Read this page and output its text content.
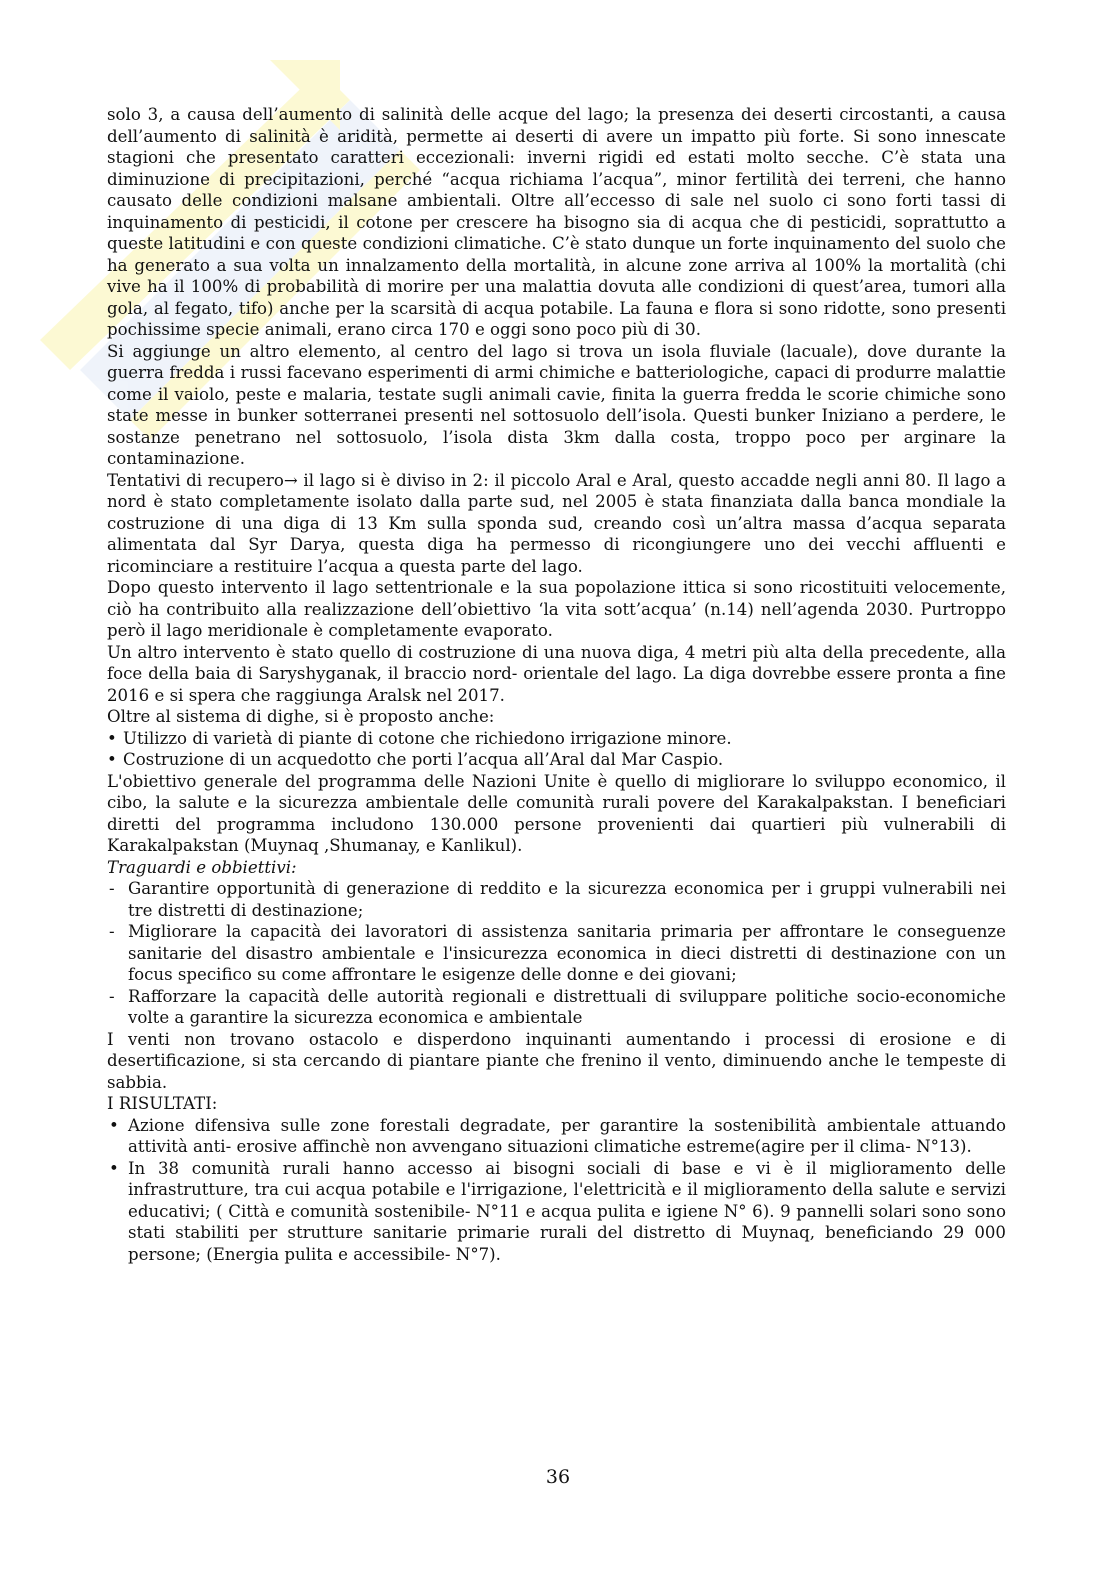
solo 3, a causa dell’aumento di salinità delle acque del lago; la presenza dei deserti circostanti, a causa dell’aumento di salinità è aridità, permette ai deserti di avere un impatto più forte. Si sono innescate stagioni che presentato caratteri eccezionali: inverni rigidi ed estati molto secche. C’è stata una diminuzione di precipitazioni, perché “acqua richiama l’acqua”, minor fertilità dei terreni, che hanno causato delle condizioni malsane ambientali. Oltre all’eccesso di sale nel suolo ci sono forti tassi di inquinamento di pesticidi, il cotone per crescere ha bisogno sia di acqua che di pesticidi, soprattutto a queste latitudini e con queste condizioni climatiche. C’è stato dunque un forte inquinamento del suolo che ha generato a sua volta un innalzamento della mortalità, in alcune zone arriva al 100% la mortalità (chi vive ha il 100% di probabilità di morire per una malattia dovuta alle condizioni di quest’area, tumori alla gola, al fegato, tifo) anche per la scarsità di acqua potabile. La fauna e flora si sono ridotte, sono presenti pochissime specie animali, erano circa 170 e oggi sono poco più di 30.

Si aggiunge un altro elemento, al centro del lago si trova un isola fluviale (lacuale), dove durante la guerra fredda i russi facevano esperimenti di armi chimiche e batteriologiche, capaci di produrre malattie come il vaiolo, peste e malaria, testate sugli animali cavie, finita la guerra fredda le scorie chimiche sono state messe in bunker sotterranei presenti nel sottosuolo dell’isola. Questi bunker Iniziano a perdere, le sostanze penetrano nel sottosuolo, l’isola dista 3km dalla costa, troppo poco per arginare la contaminazione.

Tentativi di recupero→ il lago si è diviso in 2: il piccolo Aral e Aral, questo accadde negli anni 80. Il lago a nord è stato completamente isolato dalla parte sud, nel 2005 è stata finanziata dalla banca mondiale la costruzione di una diga di 13 Km sulla sponda sud, creando così un’altra massa d’acqua separata alimentata dal Syr Darya, questa diga ha permesso di ricongiungere uno dei vecchi affluenti e ricominciare a restituire l’acqua a questa parte del lago.

Dopo questo intervento il lago settentrionale e la sua popolazione ittica si sono ricostituiti velocemente, ciò ha contribuito alla realizzazione dell’obiettivo ‘la vita sott’acqua’ (n.14) nell’agenda 2030. Purtroppo però il lago meridionale è completamente evaporato.

Un altro intervento è stato quello di costruzione di una nuova diga, 4 metri più alta della precedente, alla foce della baia di Saryshyganak, il braccio nord- orientale del lago. La diga dovrebbe essere pronta a fine 2016 e si spera che raggiunga Aralsk nel 2017.

Oltre al sistema di dighe, si è proposto anche:

• Utilizzo di varietà di piante di cotone che richiedono irrigazione minore.
• Costruzione di un acquedotto che porti l’acqua all’Aral dal Mar Caspio.

L'obiettivo generale del programma delle Nazioni Unite è quello di migliorare lo sviluppo economico, il cibo, la salute e la sicurezza ambientale delle comunità rurali povere del Karakalpakstan. I beneficiari diretti del programma includono 130.000 persone provenienti dai quartieri più vulnerabili di Karakalpakstan (Muynaq ,Shumanay, e Kanlikul).

Traguardi e obbiettivi:

- Garantire opportunità di generazione di reddito e la sicurezza economica per i gruppi vulnerabili nei tre distretti di destinazione;
- Migliorare la capacità dei lavoratori di assistenza sanitaria primaria per affrontare le conseguenze sanitarie del disastro ambientale e l'insicurezza economica in dieci distretti di destinazione con un focus specifico su come affrontare le esigenze delle donne e dei giovani;
- Rafforzare la capacità delle autorità regionali e distrettuali di sviluppare politiche socio-economiche volte a garantire la sicurezza economica e ambientale

I venti non trovano ostacolo e disperdono inquinanti aumentando i processi di erosione e di desertificazione, si sta cercando di piantare piante che frenino il vento, diminuendo anche le tempeste di sabbia.

I RISULTATI:

• Azione difensiva sulle zone forestali degradate, per garantire la sostenibilità ambientale attuando attività anti- erosive affinchè non avvengano situazioni climatiche estreme(agire per il clima- N°13).
• In 38 comunità rurali hanno accesso ai bisogni sociali di base e vi è il miglioramento delle infrastrutture, tra cui acqua potabile e l'irrigazione, l'elettricità e il miglioramento della salute e servizi educativi; ( Città e comunità sostenibile- N°11 e acqua pulita e igiene N° 6). 9 pannelli solari sono sono stati stabiliti per strutture sanitarie primarie rurali del distretto di Muynaq, beneficiando 29 000 persone; (Energia pulita e accessibile- N°7).
36
